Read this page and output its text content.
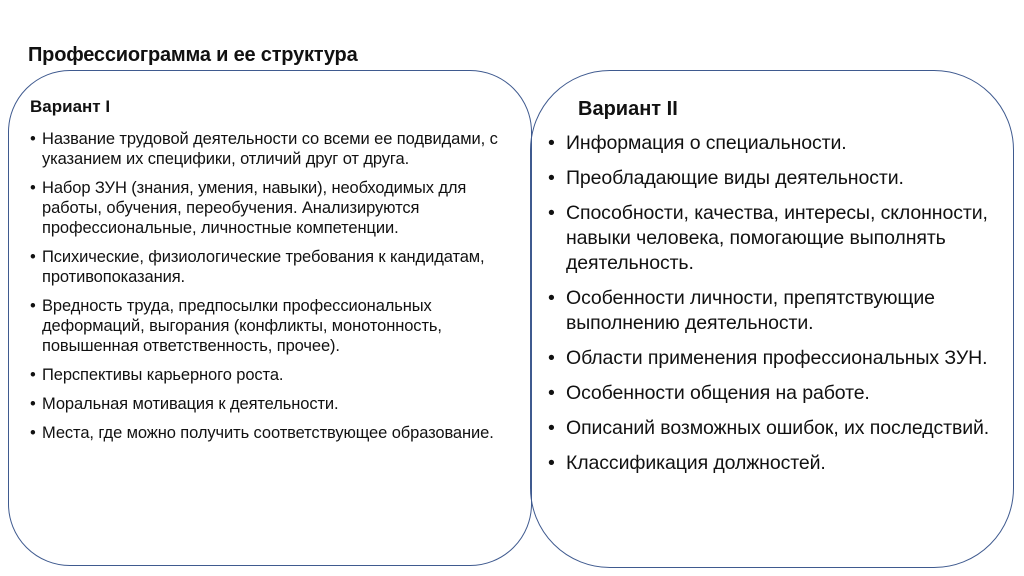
Профессиограмма и ее структура
Вариант I
• Название трудовой деятельности со всеми ее подвидами, с указанием их специфики, отличий друг от друга.
• Набор ЗУН (знания, умения, навыки), необходимых для работы, обучения, переобучения. Анализируются профессиональные, личностные компетенции.
• Психические, физиологические требования к кандидатам, противопоказания.
• Вредность труда, предпосылки профессиональных деформаций, выгорания (конфликты, монотонность, повышенная ответственность, прочее).
• Перспективы карьерного роста.
• Моральная мотивация к деятельности.
• Места, где можно получить соответствующее образование.
Вариант II
• Информация о специальности.
• Преобладающие виды деятельности.
• Способности, качества, интересы, склонности, навыки человека, помогающие выполнять деятельность.
• Особенности личности, препятствующие выполнению деятельности.
• Области применения профессиональных ЗУН.
• Особенности общения на работе.
• Описаний возможных ошибок, их последствий.
• Классификация должностей.
